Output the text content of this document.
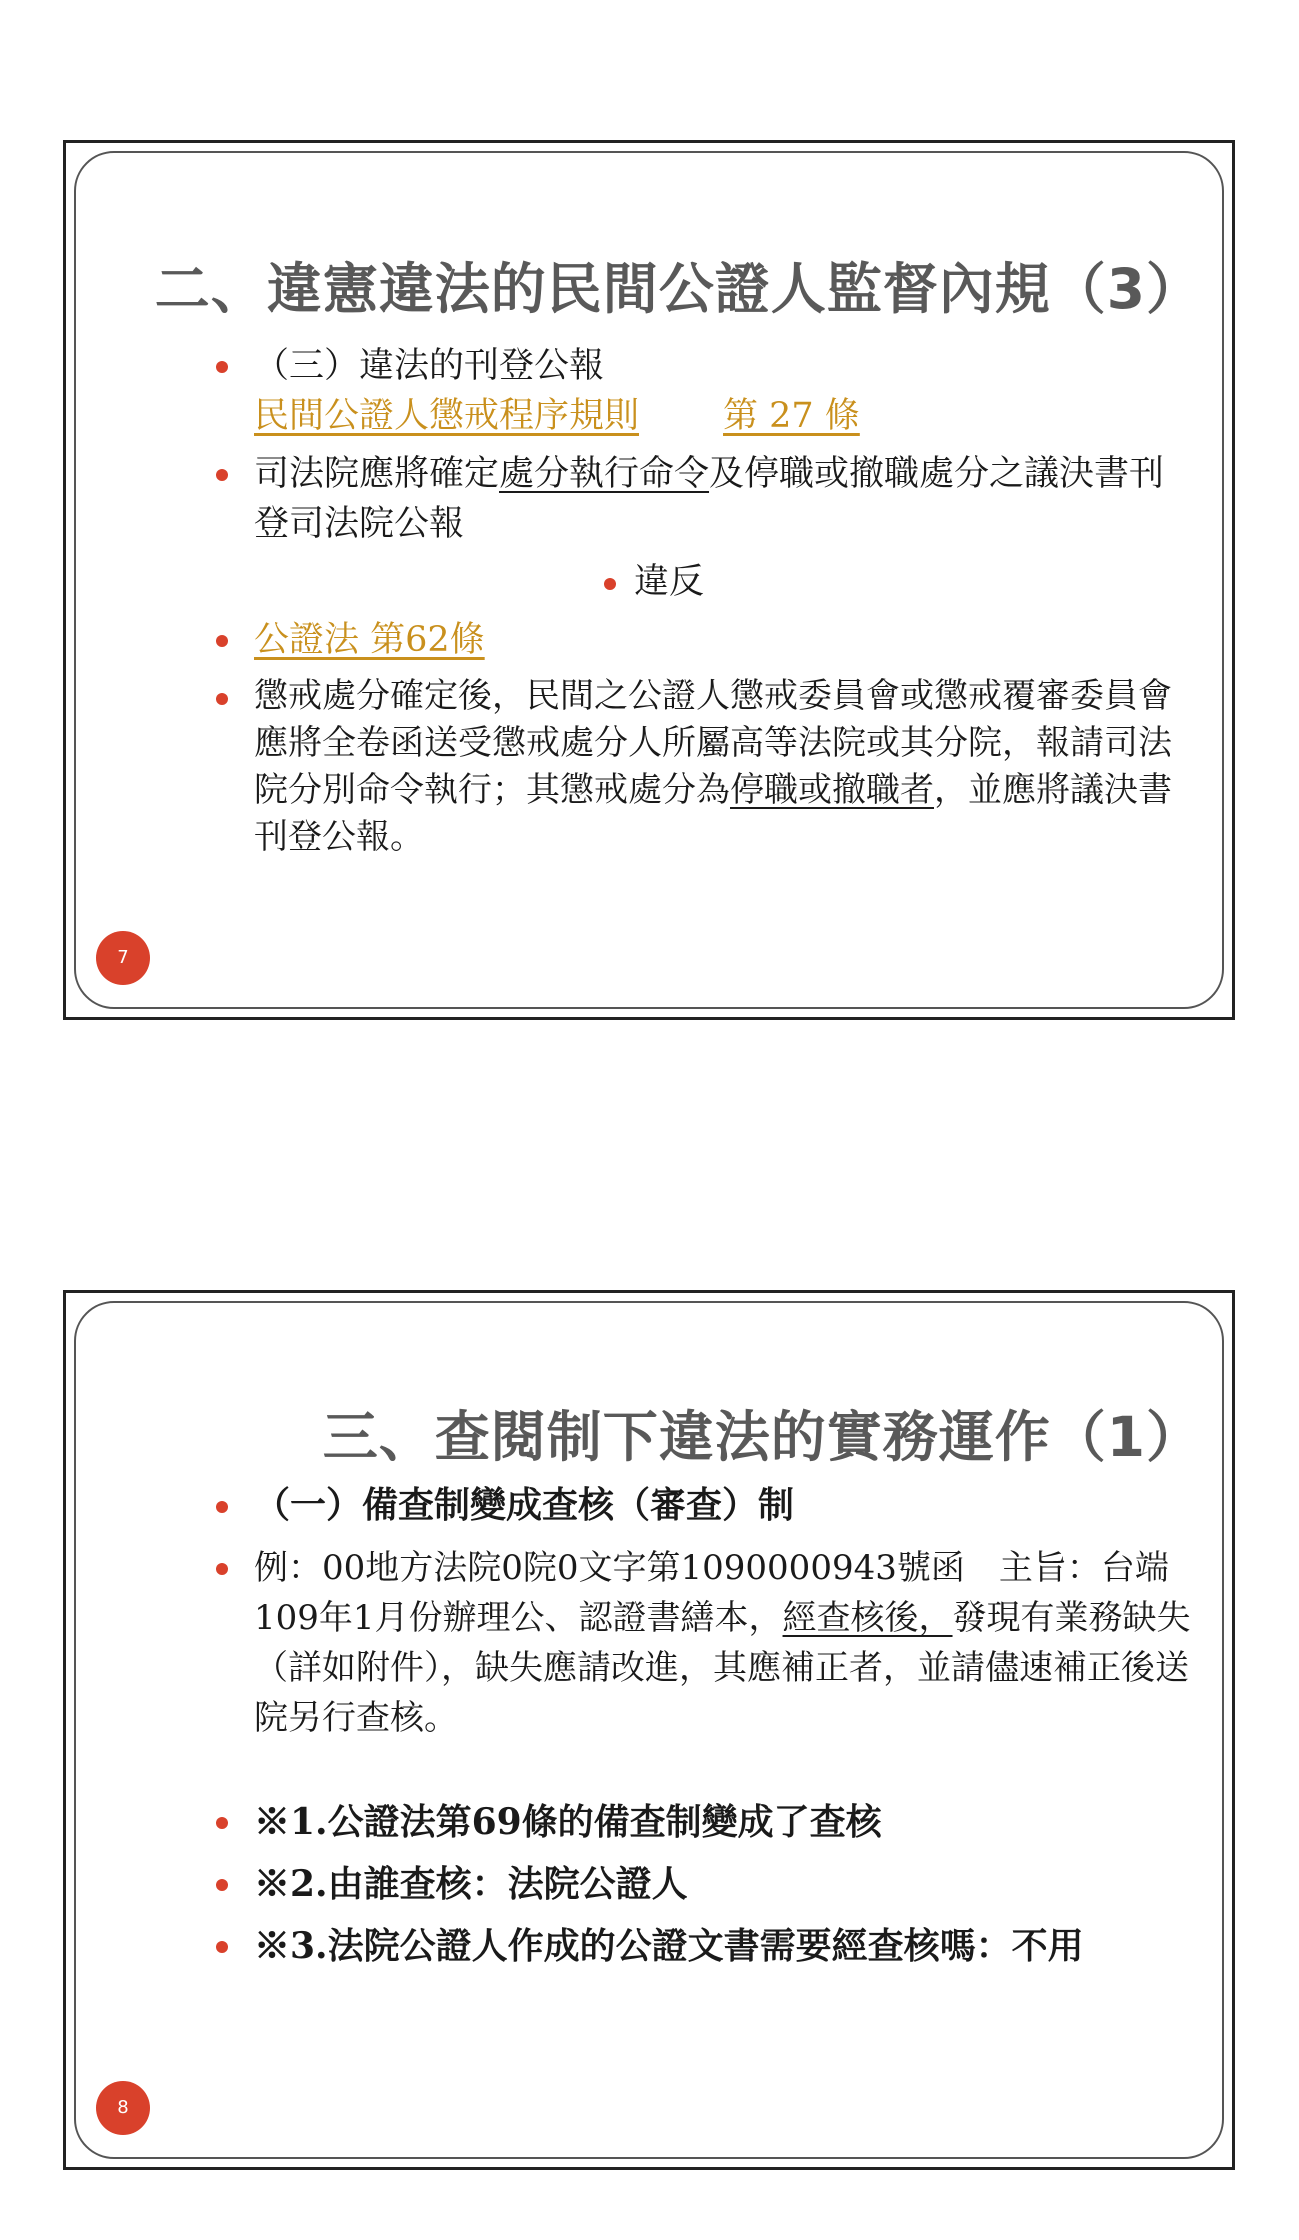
二、違憲違法的民間公證人監督內規（3）
（三）違法的刊登公報
民間公證人懲戒程序規則 第 27 條
司法院應將確定處分執行命令及停職或撤職處分之議決書刊登司法院公報
違反
公證法 第62條
懲戒處分確定後，民間之公證人懲戒委員會或懲戒覆審委員會應將全卷函送受懲戒處分人所屬高等法院或其分院，報請司法院分別命令執行；其懲戒處分為停職或撤職者，並應將議決書刊登公報。
7
三、查閱制下違法的實務運作（1）
（一）備查制變成查核（審查）制
例：00地方法院0院0文字第1090000943號函　主旨：台端109年1月份辦理公、認證書繕本，經查核後，發現有業務缺失（詳如附件），缺失應請改進，其應補正者，並請儘速補正後送院另行查核。
※1.公證法第69條的備查制變成了查核
※2.由誰查核：法院公證人
※3.法院公證人作成的公證文書需要經查核嗎：不用
8
